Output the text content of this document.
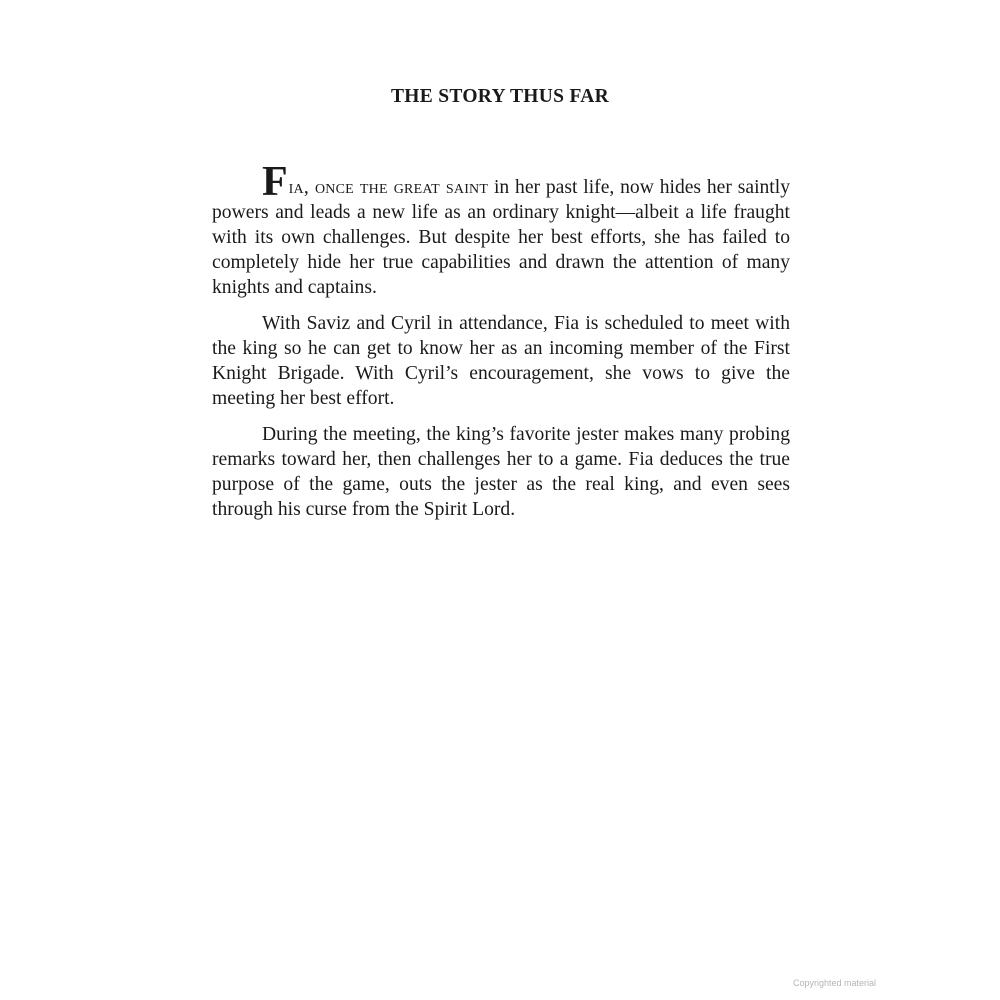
THE STORY THUS FAR

Fia, once the great saint in her past life, now hides her saintly powers and leads a new life as an ordinary knight—albeit a life fraught with its own challenges. But despite her best efforts, she has failed to completely hide her true capabilities and drawn the attention of many knights and captains.

With Saviz and Cyril in attendance, Fia is scheduled to meet with the king so he can get to know her as an incoming member of the First Knight Brigade. With Cyril’s encouragement, she vows to give the meeting her best effort.

During the meeting, the king’s favorite jester makes many probing remarks toward her, then challenges her to a game. Fia deduces the true purpose of the game, outs the jester as the real king, and even sees through his curse from the Spirit Lord.

Copyrighted material
